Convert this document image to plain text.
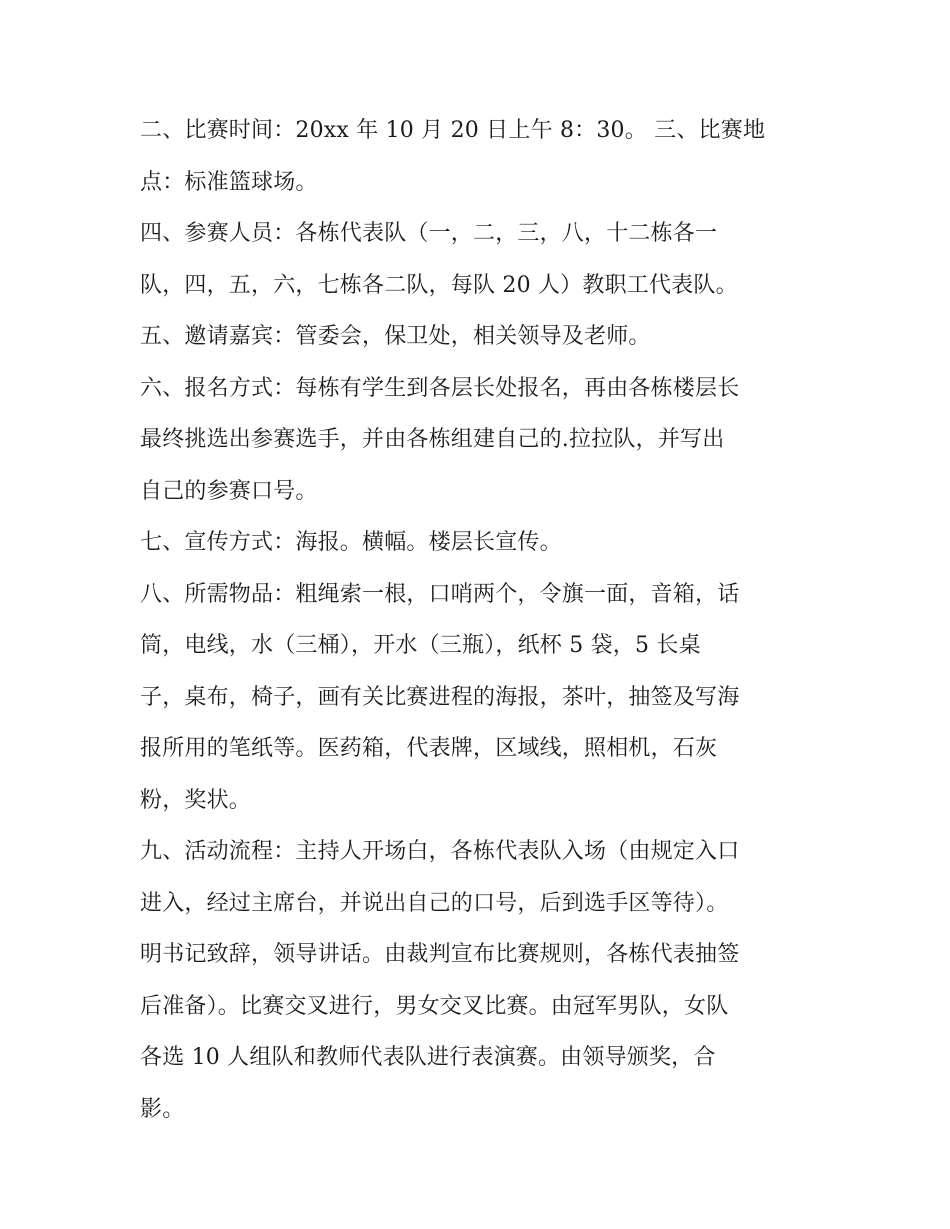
二、比赛时间：20xx 年 10 月 20 日上午 8：30。 三、比赛地
点：标准篮球场。
四、参赛人员：各栋代表队（一，二，三，八，十二栋各一
队，四，五，六，七栋各二队，每队 20 人）教职工代表队。
五、邀请嘉宾：管委会，保卫处，相关领导及老师。
六、报名方式：每栋有学生到各层长处报名，再由各栋楼层长
最终挑选出参赛选手，并由各栋组建自己的.拉拉队，并写出
自己的参赛口号。
七、宣传方式：海报。横幅。楼层长宣传。
八、所需物品：粗绳索一根，口哨两个，令旗一面，音箱，话
筒，电线，水（三桶），开水（三瓶），纸杯 5 袋，5 长桌
子，桌布，椅子，画有关比赛进程的海报，茶叶，抽签及写海
报所用的笔纸等。医药箱，代表牌，区域线，照相机，石灰
粉，奖状。
九、活动流程：主持人开场白，各栋代表队入场（由规定入口
进入，经过主席台，并说出自己的口号，后到选手区等待）。
明书记致辞，领导讲话。由裁判宣布比赛规则，各栋代表抽签
后准备）。比赛交叉进行，男女交叉比赛。由冠军男队，女队
各选 10 人组队和教师代表队进行表演赛。由领导颁奖，合
影。
